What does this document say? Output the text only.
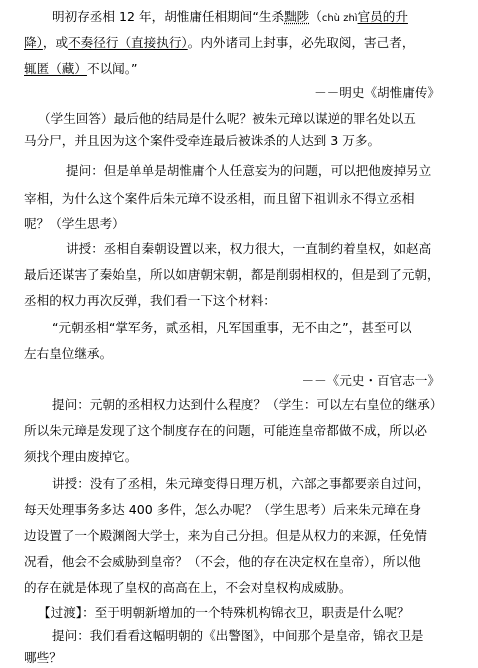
明初存丞相 12 年，胡惟庸任相期间“生杀黜陟（chù zhì官员的升
降），或不奏径行（直接执行）。内外诸司上封事，必先取阅，害己者，
辄匿（藏）不以闻。”
－－明史《胡惟庸传》
（学生回答）最后他的结局是什么呢？被朱元璋以谋逆的罪名处以五
马分尸，并且因为这个案件受牵连最后被诛杀的人达到 3 万多。
提问：但是单单是胡惟庸个人任意妄为的问题，可以把他废掉另立
宰相，为什么这个案件后朱元璋不设丞相，而且留下祖训永不得立丞相
呢？（学生思考）
讲授：丞相自秦朝设置以来，权力很大，一直制约着皇权，如赵高
最后还谋害了秦始皇，所以如唐朝宋朝，都是削弱相权的，但是到了元朝，
丞相的权力再次反弹，我们看一下这个材料：
“元朝丞相“掌军务，贰丞相，凡军国重事，无不由之”，甚至可以
左右皇位继承。
－－《元史・百官志一》
提问：元朝的丞相权力达到什么程度？（学生：可以左右皇位的继承）
所以朱元璋是发现了这个制度存在的问题，可能连皇帝都做不成，所以必
须找个理由废掉它。
讲授：没有了丞相，朱元璋变得日理万机，六部之事都要亲自过问，
每天处理事务多达 400 多件，怎么办呢？（学生思考）后来朱元璋在身
边设置了一个殿渊阁大学士，来为自己分担。但是从权力的来源，任免情
况看，他会不会威胁到皇帝？（不会，他的存在决定权在皇帝），所以他
的存在就是体现了皇权的高高在上，不会对皇权构成威胁。
【过渡】：至于明朝新增加的一个特殊机构锦衣卫，职责是什么呢？
提问：我们看看这幅明朝的《出警图》，中间那个是皇帝，锦衣卫是
哪些？
